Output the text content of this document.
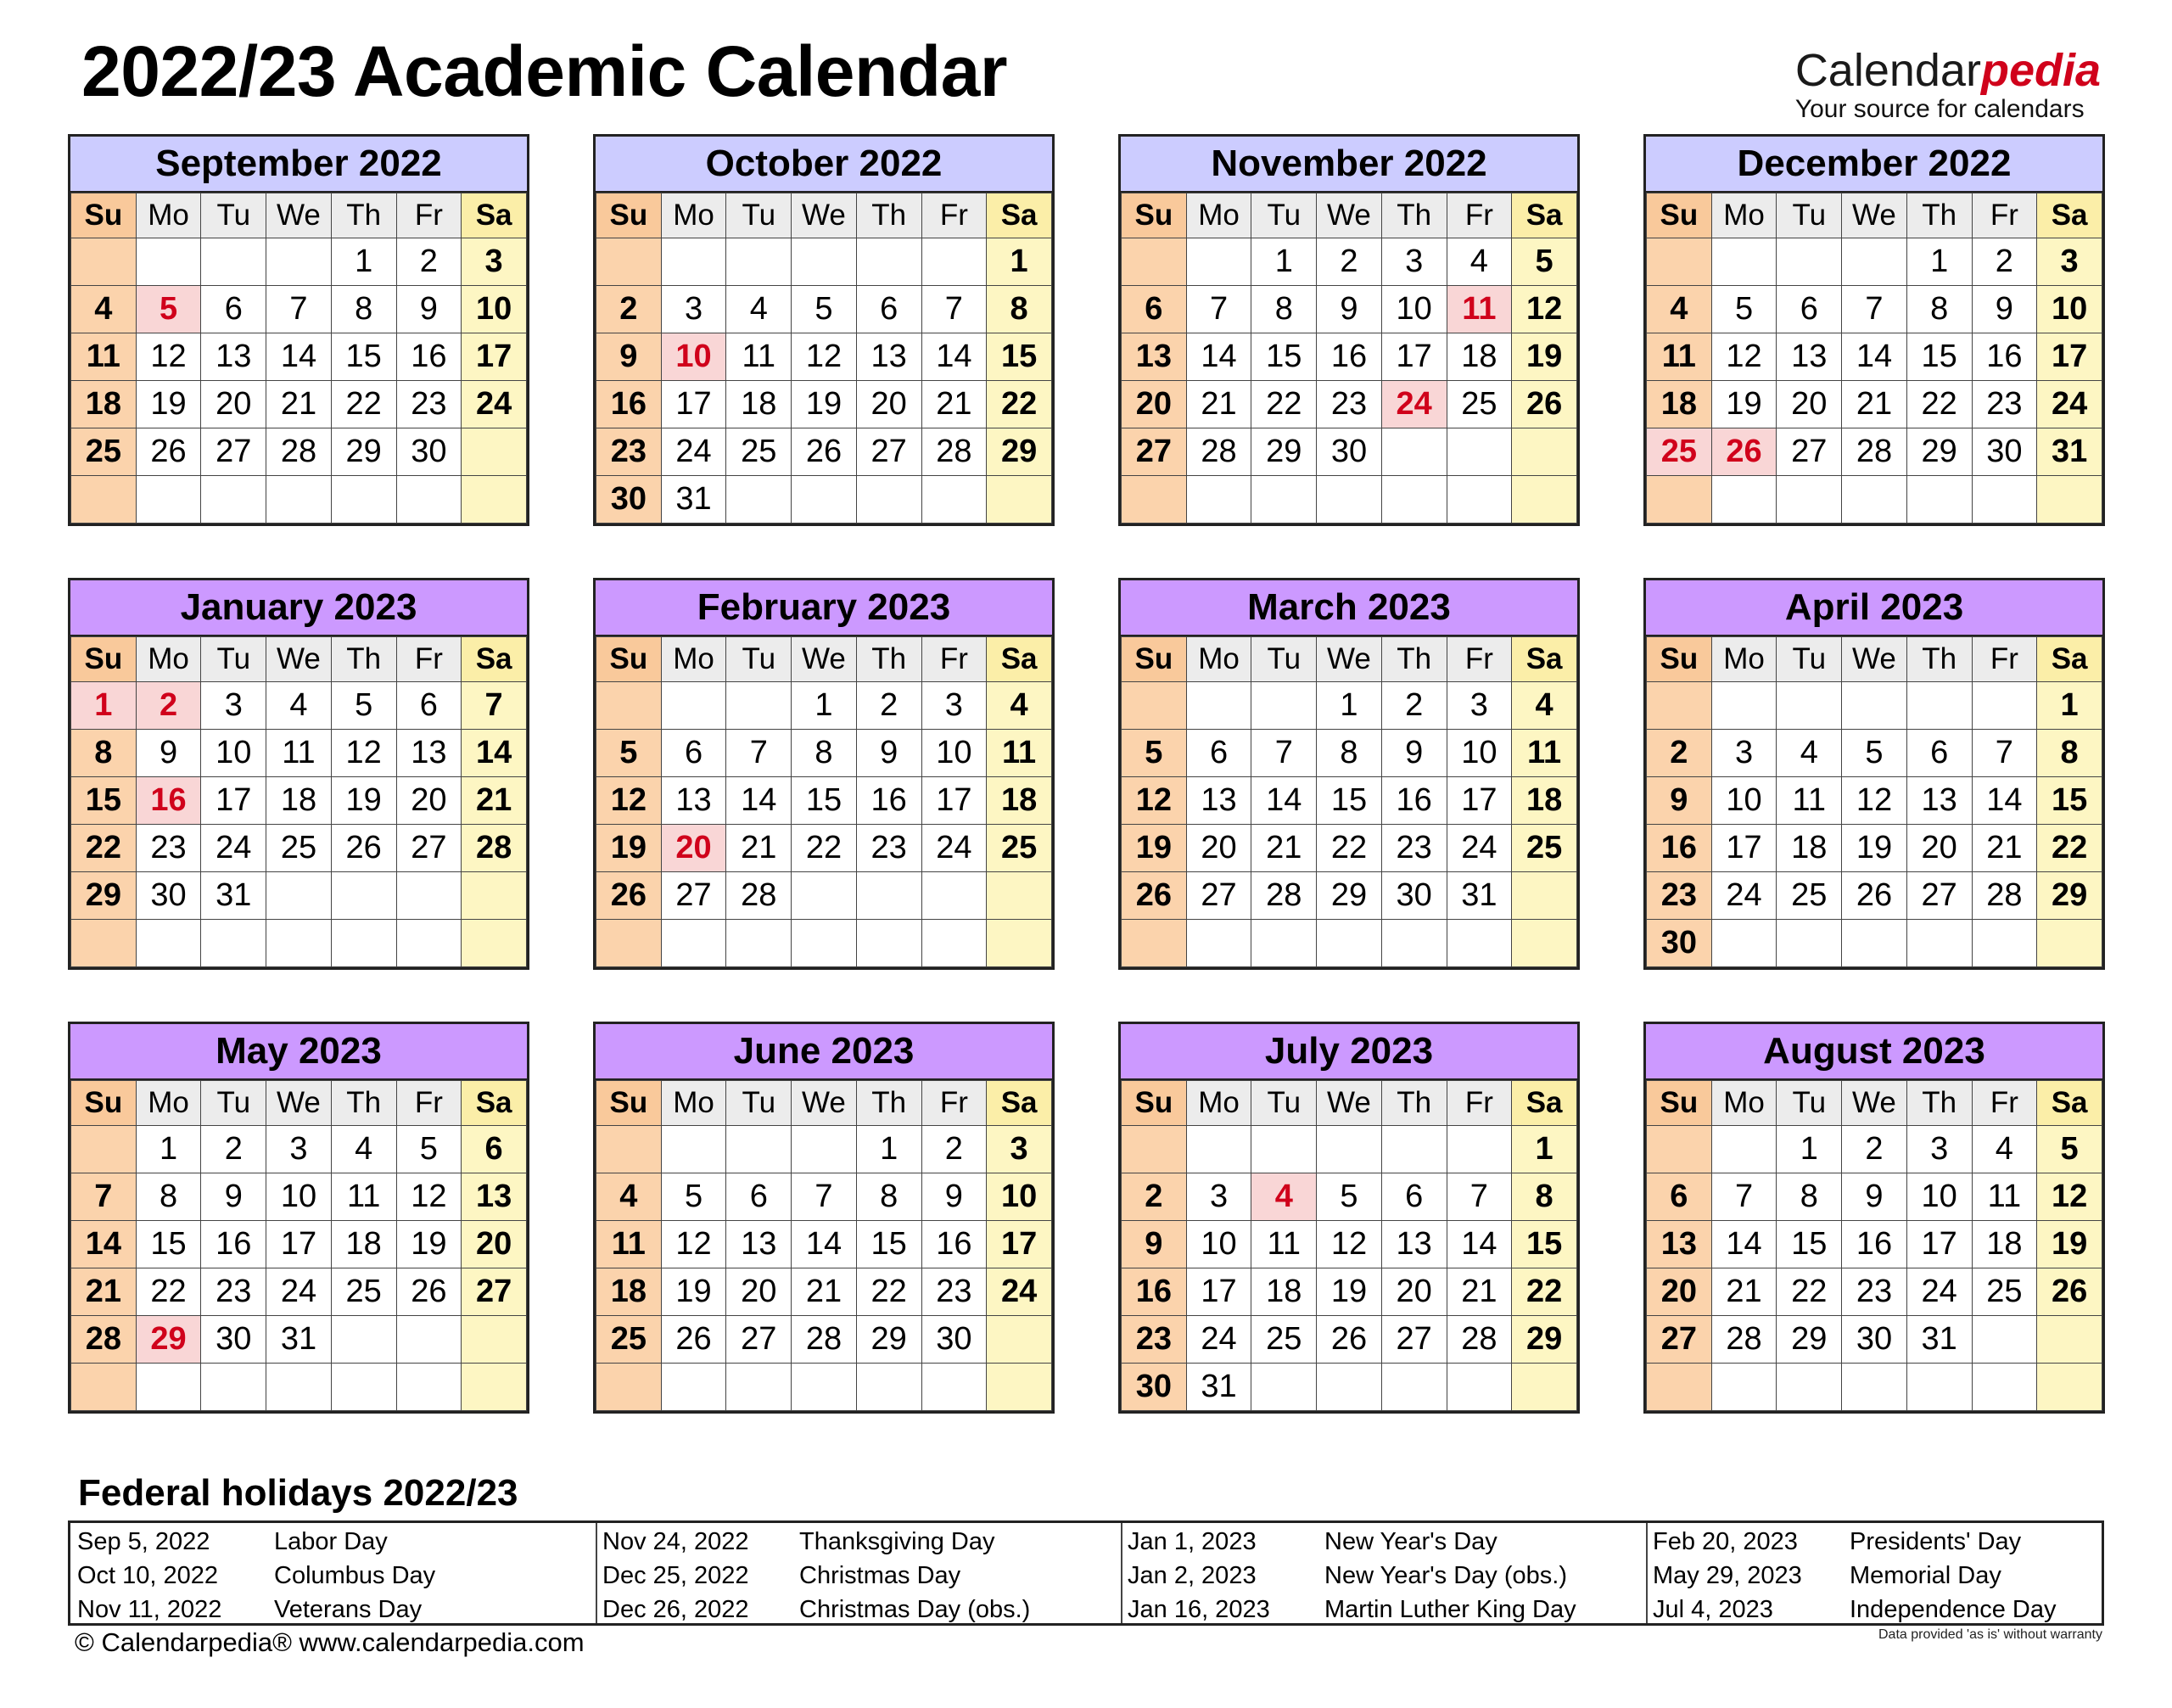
2022/23 Academic Calendar	Calendarpedia
Your source for calendars
September 2022
Su	Mo	Tu	We	Th	Fr	Sa
				1	2	3
4	5	6	7	8	9	10
11	12	13	14	15	16	17
18	19	20	21	22	23	24
25	26	27	28	29	30	

October 2022
Su	Mo	Tu	We	Th	Fr	Sa
						1
2	3	4	5	6	7	8
9	10	11	12	13	14	15
16	17	18	19	20	21	22
23	24	25	26	27	28	29
30	31					
November 2022
Su	Mo	Tu	We	Th	Fr	Sa
		1	2	3	4	5
6	7	8	9	10	11	12
13	14	15	16	17	18	19
20	21	22	23	24	25	26
27	28	29	30			

December 2022
Su	Mo	Tu	We	Th	Fr	Sa
				1	2	3
4	5	6	7	8	9	10
11	12	13	14	15	16	17
18	19	20	21	22	23	24
25	26	27	28	29	30	31

January 2023
Su	Mo	Tu	We	Th	Fr	Sa
1	2	3	4	5	6	7
8	9	10	11	12	13	14
15	16	17	18	19	20	21
22	23	24	25	26	27	28
29	30	31				

February 2023
Su	Mo	Tu	We	Th	Fr	Sa
			1	2	3	4
5	6	7	8	9	10	11
12	13	14	15	16	17	18
19	20	21	22	23	24	25
26	27	28				

March 2023
Su	Mo	Tu	We	Th	Fr	Sa
			1	2	3	4
5	6	7	8	9	10	11
12	13	14	15	16	17	18
19	20	21	22	23	24	25
26	27	28	29	30	31	

April 2023
Su	Mo	Tu	We	Th	Fr	Sa
						1
2	3	4	5	6	7	8
9	10	11	12	13	14	15
16	17	18	19	20	21	22
23	24	25	26	27	28	29
30						
May 2023
Su	Mo	Tu	We	Th	Fr	Sa
	1	2	3	4	5	6
7	8	9	10	11	12	13
14	15	16	17	18	19	20
21	22	23	24	25	26	27
28	29	30	31			

June 2023
Su	Mo	Tu	We	Th	Fr	Sa
				1	2	3
4	5	6	7	8	9	10
11	12	13	14	15	16	17
18	19	20	21	22	23	24
25	26	27	28	29	30	

July 2023
Su	Mo	Tu	We	Th	Fr	Sa
						1
2	3	4	5	6	7	8
9	10	11	12	13	14	15
16	17	18	19	20	21	22
23	24	25	26	27	28	29
30	31					
August 2023
Su	Mo	Tu	We	Th	Fr	Sa
		1	2	3	4	5
6	7	8	9	10	11	12
13	14	15	16	17	18	19
20	21	22	23	24	25	26
27	28	29	30	31		

Federal holidays 2022/23
Sep 5, 2022	Labor Day
Oct 10, 2022 Columbus Day
Nov 11, 2022 Veterans Day
Nov 24, 2022 Thanksgiving Day
Dec 25, 2022 Christmas Day
Dec 26, 2022 Christmas Day (obs.)
Jan 1, 2023	New Year's Day
Jan 2, 2023	New Year's Day (obs.)
Jan 16, 2023 Martin Luther King Day
Feb 20, 2023 Presidents' Day
May 29, 2023 Memorial Day
Jul 4, 2023	Independence Day
© Calendarpedia® www.calendarpedia.com	Data provided 'as is' without warranty
